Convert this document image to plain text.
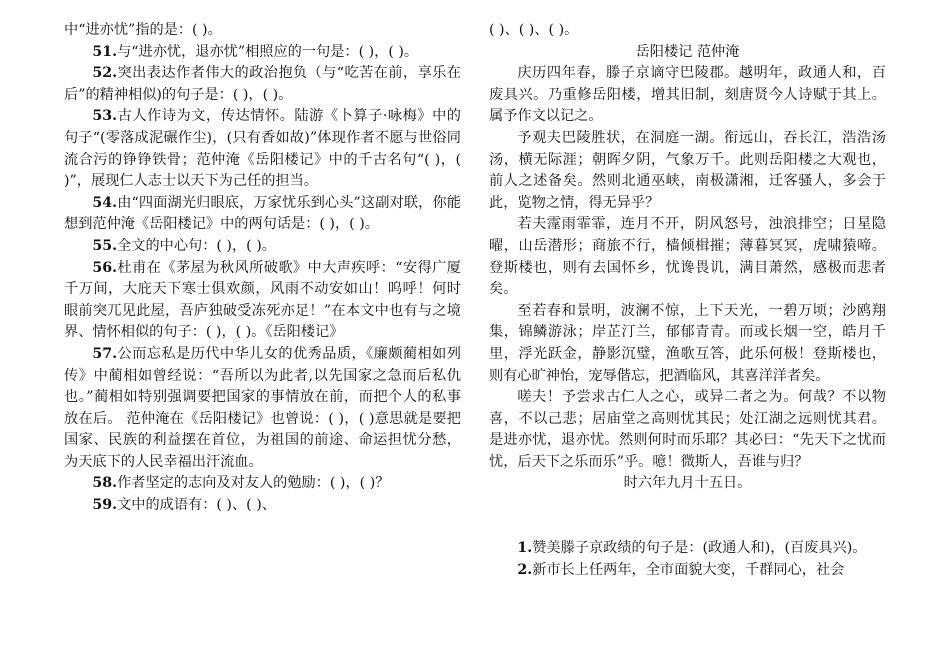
中“进亦忧”指的是：( )。

51.与“进亦忧，退亦忧”相照应的一句是：( )，( )。

52.突出表达作者伟大的政治抱负（与“吃苦在前，享乐在后”的精神相似)的句子是：( )，( )。

53.古人作诗为文，传达情怀。陆游《卜算子·咏梅》中的句子“(零落成泥碾作尘)，(只有香如故)”体现作者不愿与世俗同流合污的铮铮铁骨；范仲淹《岳阳楼记》中的千古名句“( )，( )”，展现仁人志士以天下为己任的担当。

54.由“四面湖光归眼底，万家忧乐到心头”这副对联，你能想到范仲淹《岳阳楼记》中的两句话是：( )，( )。

55.全文的中心句：( )，( )。

56.杜甫在《茅屋为秋风所破歌》中大声疾呼：“安得广厦千万间，大庇天下寒士俱欢颜，风雨不动安如山！呜呼！何时眼前突兀见此屋，吾庐独破受冻死亦足！”在本文中也有与之境界、情怀相似的句子：( )，( )。《岳阳楼记》

57.公而忘私是历代中华儿女的优秀品质，《廉颇蔺相如列传》中蔺相如曾经说：“吾所以为此者,以先国家之急而后私仇也。”蔺相如特别强调要把国家的事情放在前，而把个人的私事放在后。 范仲淹在《岳阳楼记》也曾说：( )，( )意思就是要把国家、民族的利益摆在首位，为祖国的前途、命运担忧分愁，为天底下的人民幸福出汗流血。

58.作者坚定的志向及对友人的勉励：( )，( )？

59.文中的成语有：( )、( )、

( )、( )、( )。

岳阳楼记 范仲淹

庆历四年春，滕子京谪守巴陵郡。越明年，政通人和，百废具兴。乃重修岳阳楼，增其旧制，刻唐贤今人诗赋于其上。属予作文以记之。

予观夫巴陵胜状，在洞庭一湖。衔远山，吞长江，浩浩汤汤，横无际涯；朝晖夕阴，气象万千。此则岳阳楼之大观也，前人之述备矣。然则北通巫峡，南极潇湘，迁客骚人，多会于此，览物之情，得无异乎？

若夫霪雨霏霏，连月不开，阴风怒号，浊浪排空；日星隐曜，山岳潜形；商旅不行，樯倾楫摧；薄暮冥冥，虎啸猿啼。登斯楼也，则有去国怀乡，忧谗畏讥，满目萧然，感极而悲者矣。

至若春和景明，波澜不惊，上下天光，一碧万顷；沙鸥翔集，锦鳞游泳；岸芷汀兰，郁郁青青。而或长烟一空，皓月千里，浮光跃金，静影沉璧，渔歌互答，此乐何极！登斯楼也，则有心旷神怡，宠辱偕忘，把酒临风，其喜洋洋者矣。

嗟夫！予尝求古仁人之心，或异二者之为。何哉？不以物喜，不以己悲；居庙堂之高则忧其民；处江湖之远则忧其君。是进亦忧，退亦忧。然则何时而乐耶？其必曰：“先天下之忧而忧，后天下之乐而乐”乎。噫！微斯人，吾谁与归？

时六年九月十五日。

1.赞美滕子京政绩的句子是：(政通人和)，(百废具兴)。

2.新市长上任两年，全市面貌大变，千群同心，社会
